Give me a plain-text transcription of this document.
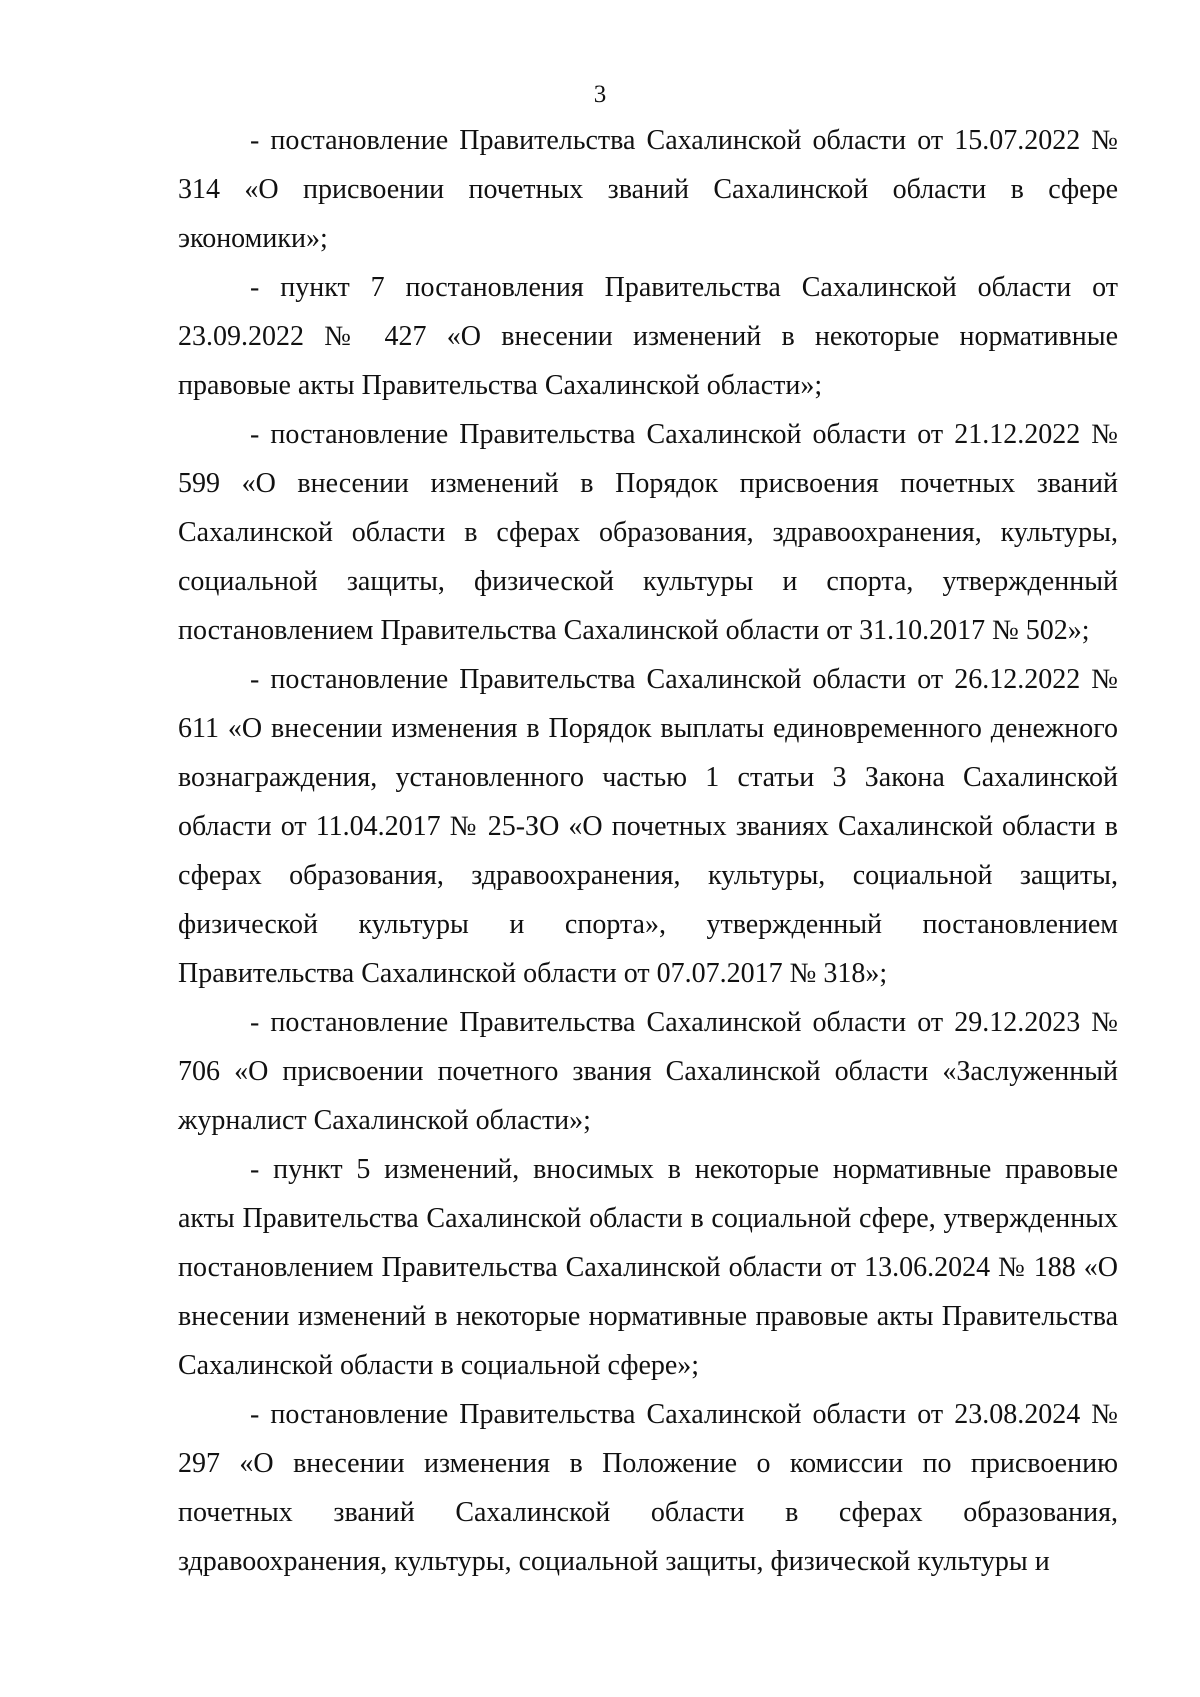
3

- постановление Правительства Сахалинской области от 15.07.2022 № 314 «О присвоении почетных званий Сахалинской области в сфере экономики»;

- пункт 7 постановления Правительства Сахалинской области от 23.09.2022 № 427 «О внесении изменений в некоторые нормативные правовые акты Правительства Сахалинской области»;

- постановление Правительства Сахалинской области от 21.12.2022 № 599 «О внесении изменений в Порядок присвоения почетных званий Сахалинской области в сферах образования, здравоохранения, культуры, социальной защиты, физической культуры и спорта, утвержденный постановлением Правительства Сахалинской области от 31.10.2017 № 502»;

- постановление Правительства Сахалинской области от 26.12.2022 № 611 «О внесении изменения в Порядок выплаты единовременного денежного вознаграждения, установленного частью 1 статьи 3 Закона Сахалинской области от 11.04.2017 № 25-ЗО «О почетных званиях Сахалинской области в сферах образования, здравоохранения, культуры, социальной защиты, физической культуры и спорта», утвержденный постановлением Правительства Сахалинской области от 07.07.2017 № 318»;

- постановление Правительства Сахалинской области от 29.12.2023 № 706 «О присвоении почетного звания Сахалинской области «Заслуженный журналист Сахалинской области»;

- пункт 5 изменений, вносимых в некоторые нормативные правовые акты Правительства Сахалинской области в социальной сфере, утвержденных постановлением Правительства Сахалинской области от 13.06.2024 № 188 «О внесении изменений в некоторые нормативные правовые акты Правительства Сахалинской области в социальной сфере»;

- постановление Правительства Сахалинской области от 23.08.2024 № 297 «О внесении изменения в Положение о комиссии по присвоению почетных званий Сахалинской области в сферах образования, здравоохранения, культуры, социальной защиты, физической культуры и
